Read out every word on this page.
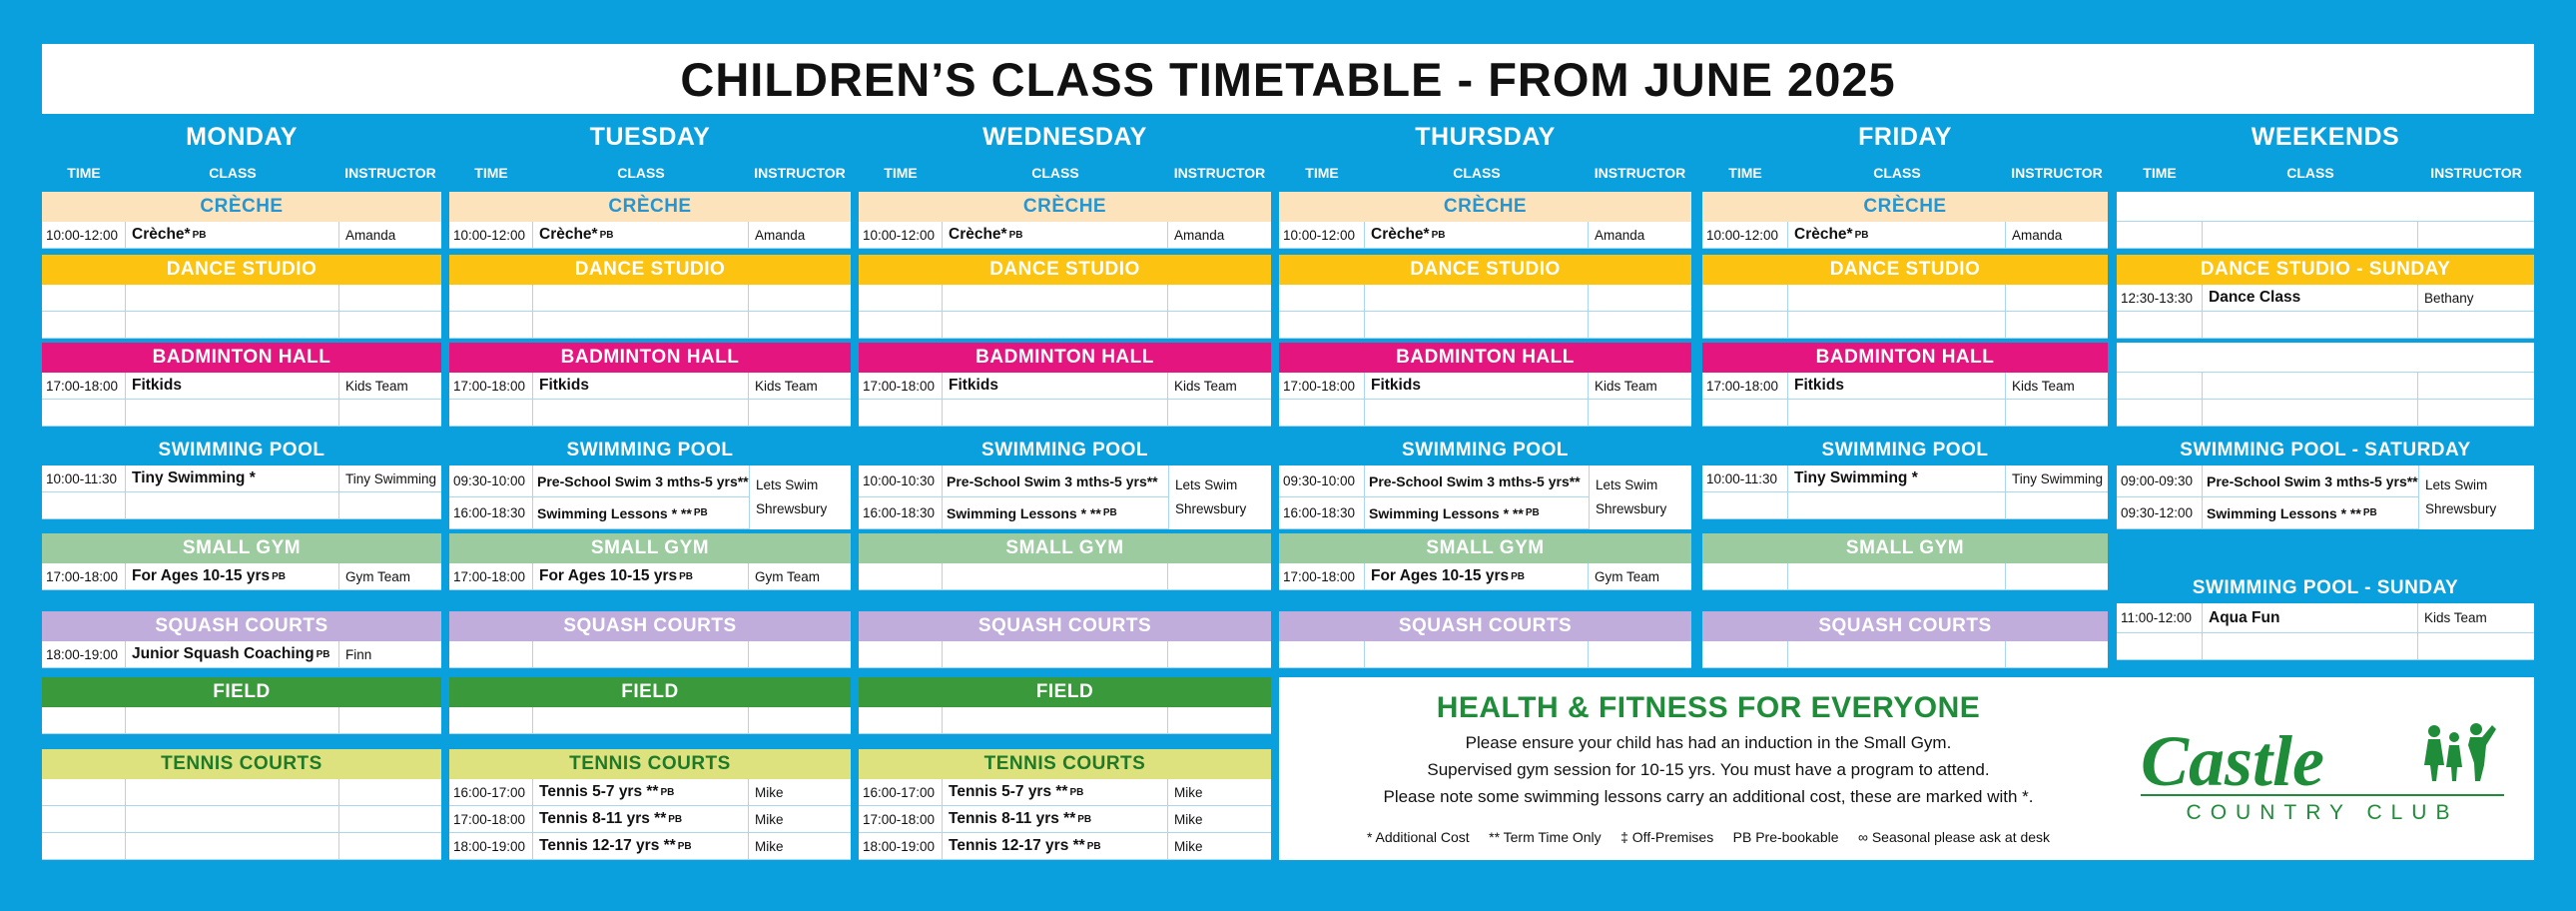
CHILDREN’S CLASS TIMETABLE - FROM JUNE 2025
MONDAY
TIME	CLASS	INSTRUCTOR
CRÈCHE
10:00-12:00 Crèche* PB	Amanda
DANCE STUDIO
BADMINTON HALL
17:00-18:00 Fitkids	Kids Team
SWIMMING POOL
10:00-11:30 Tiny Swimming *	Tiny Swimming
SMALL GYM
17:00-18:00 For Ages 10-15 yrs PB	Gym Team
SQUASH COURTS
18:00-19:00 Junior Squash Coaching PB	Finn
FIELD
TENNIS COURTS
TUESDAY
TIME	CLASS	INSTRUCTOR
CRÈCHE
10:00-12:00 Crèche* PB	Amanda
DANCE STUDIO
BADMINTON HALL
17:00-18:00 Fitkids	Kids Team
SWIMMING POOL
09:30-10:00 Pre-School Swim 3 mths-5 yrs**
16:00-18:30 Swimming Lessons * ** PB
Lets Swim Shrewsbury
SMALL GYM
17:00-18:00 For Ages 10-15 yrs PB	Gym Team
SQUASH COURTS
FIELD
TENNIS COURTS
16:00-17:00 Tennis 5-7 yrs ** PB	Mike
17:00-18:00 Tennis 8-11 yrs ** PB	Mike
18:00-19:00 Tennis 12-17 yrs ** PB	Mike
WEDNESDAY
TIME	CLASS	INSTRUCTOR
CRÈCHE
10:00-12:00 Crèche* PB	Amanda
DANCE STUDIO
BADMINTON HALL
17:00-18:00 Fitkids	Kids Team
SWIMMING POOL
10:00-10:30 Pre-School Swim 3 mths-5 yrs**
16:00-18:30 Swimming Lessons * ** PB
Lets Swim Shrewsbury
SMALL GYM
SQUASH COURTS
FIELD
TENNIS COURTS
16:00-17:00 Tennis 5-7 yrs ** PB	Mike
17:00-18:00 Tennis 8-11 yrs ** PB	Mike
18:00-19:00 Tennis 12-17 yrs ** PB	Mike
THURSDAY
TIME	CLASS	INSTRUCTOR
CRÈCHE
10:00-12:00	Crèche* PB	Amanda
DANCE STUDIO
BADMINTON HALL
17:00-18:00	Fitkids	Kids Team
SWIMMING POOL
09:30-10:00 Pre-School Swim 3 mths-5 yrs**
16:00-18:30 Swimming Lessons * ** PB
Lets Swim Shrewsbury
SMALL GYM
17:00-18:00	For Ages 10-15 yrs PB	Gym Team
SQUASH COURTS
FRIDAY
TIME	CLASS	INSTRUCTOR
CRÈCHE
10:00-12:00	Crèche* PB	Amanda
DANCE STUDIO
BADMINTON HALL
17:00-18:00	Fitkids	Kids Team
SWIMMING POOL
10:00-11:30	Tiny Swimming *	Tiny Swimming
SMALL GYM
SQUASH COURTS
WEEKENDS
TIME	CLASS	INSTRUCTOR
DANCE STUDIO - SUNDAY
12:30-13:30	Dance Class	Bethany
SWIMMING POOL - SATURDAY
09:00-09:30 Pre-School Swim 3 mths-5 yrs**
09:30-12:00 Swimming Lessons * ** PB
Lets Swim Shrewsbury
SWIMMING POOL - SUNDAY
11:00-12:00	Aqua Fun	Kids Team
HEALTH & FITNESS FOR EVERYONE
Please ensure your child has had an induction in the Small Gym.
Supervised gym session for 10-15 yrs. You must have a program to attend.
Please note some swimming lessons carry an additional cost, these are marked with *.
* Additional Cost     ** Term Time Only     ‡ Off-Premises     PB Pre-bookable     ∞ Seasonal please ask at desk
Castle
COUNTRY CLUB
